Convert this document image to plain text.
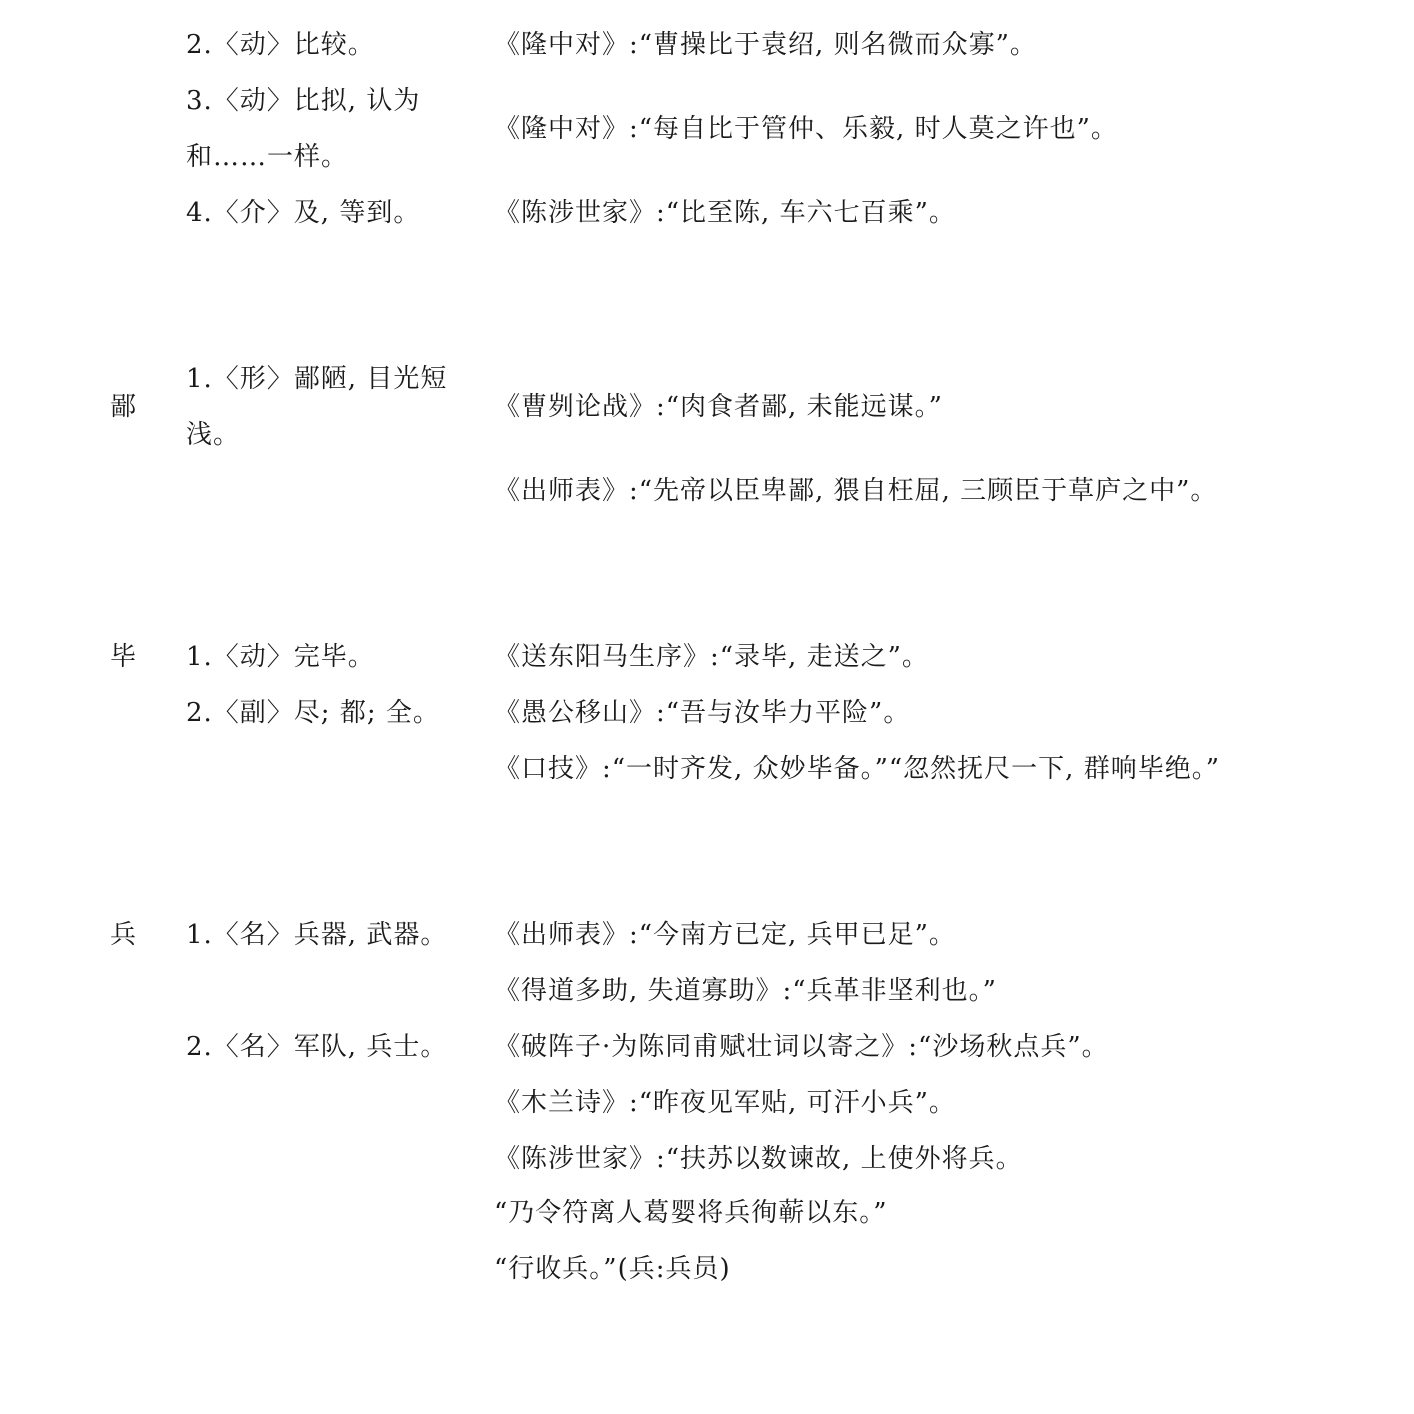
2.〈动〉比较。
3.〈动〉比拟, 认为
和……一样。
4.〈介〉及, 等到。
《隆中对》:“曹操比于袁绍, 则名微而众寡”。
《隆中对》:“每自比于管仲、乐毅, 时人莫之许也”。
《陈涉世家》:“比至陈, 车六七百乘”。
鄙
1.〈形〉鄙陋, 目光短
浅。
《曹刿论战》:“肉食者鄙, 未能远谋。”
《出师表》:“先帝以臣卑鄙, 猥自枉屈, 三顾臣于草庐之中”。
毕 1.〈动〉完毕。
2.〈副〉尽; 都; 全。
《送东阳马生序》:“录毕, 走送之”。
《愚公移山》:“吾与汝毕力平险”。
《口技》:“一时齐发, 众妙毕备。”“忽然抚尺一下, 群响毕绝。”
兵 1.〈名〉兵器, 武器。
2.〈名〉军队, 兵士。
《出师表》:“今南方已定, 兵甲已足”。
《得道多助, 失道寡助》:“兵革非坚利也。”
《破阵子·为陈同甫赋壮词以寄之》:“沙场秋点兵”。
《木兰诗》:“昨夜见军贴, 可汗小兵”。
《陈涉世家》:“扶苏以数谏故, 上使外将兵。
“乃令符离人葛婴将兵徇蕲以东。”
“行收兵。”(兵:兵员)
